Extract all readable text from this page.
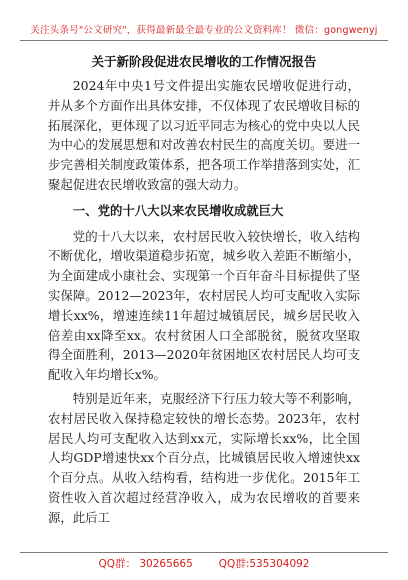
关注头条号"公文研究"，获得最新最全最专业的公文资料库！ 微信：gongwenyj
关于新阶段促进农民增收的工作情况报告

2024年中央1号文件提出实施农民增收促进行动，并从多个方面作出具体安排，不仅体现了农民增收目标的拓展深化，更体现了以习近平同志为核心的党中央以人民为中心的发展思想和对改善农村民生的高度关切。要进一步完善相关制度政策体系，把各项工作举措落到实处，汇聚起促进农民增收致富的强大动力。

一、党的十八大以来农民增收成就巨大

党的十八大以来，农村居民收入较快增长，收入结构不断优化，增收渠道稳步拓宽，城乡收入差距不断缩小，为全面建成小康社会、实现第一个百年奋斗目标提供了坚实保障。2012—2023年，农村居民人均可支配收入实际增长xx%，增速连续11年超过城镇居民，城乡居民收入倍差由xx降至xx。农村贫困人口全部脱贫，脱贫攻坚取得全面胜利，2013—2020年贫困地区农村居民人均可支配收入年均增长x%。

特别是近年来，克服经济下行压力较大等不利影响，农村居民收入保持稳定较快的增长态势。2023年，农村居民人均可支配收入达到xx元，实际增长xx%，比全国人均GDP增速快xx个百分点，比城镇居民收入增速快xx个百分点。从收入结构看，结构进一步优化。2015年工资性收入首次超过经营净收入，成为农民增收的首要来源，此后工

QQ群： 30265665 QQ群:535304092
